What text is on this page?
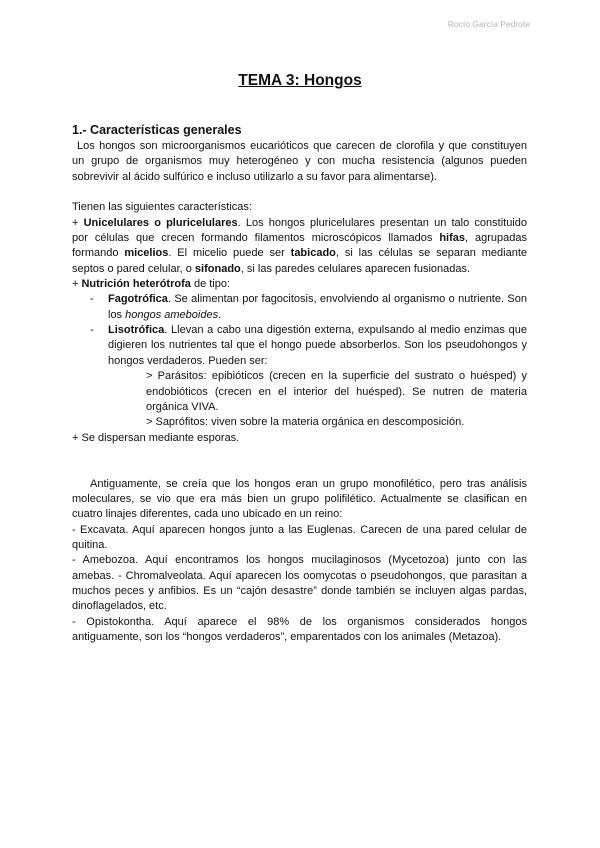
Rocío García Pedrote
TEMA 3: Hongos
1.- Características generales
Los hongos son microorganismos eucarióticos que carecen de clorofila y que constituyen
un grupo de organismos muy heterogéneo y con mucha resistencia (algunos pueden
sobrevivir al ácido sulfúrico e incluso utilizarlo a su favor para alimentarse).
Tienen las siguientes características:
+ Unicelulares o pluricelulares. Los hongos pluricelulares presentan un talo constituido
por células que crecen formando filamentos microscópicos llamados hifas, agrupadas
formando micelios. El micelio puede ser tabicado, si las células se separan mediante
septos o pared celular, o sifonado, si las paredes celulares aparecen fusionadas.
+ Nutrición heterótrofa de tipo:
- Fagotrófica. Se alimentan por fagocitosis, envolviendo al organismo o nutriente. Son
los hongos ameboides.
- Lisotrófica. Llevan a cabo una digestión externa, expulsando al medio enzimas que
digieren los nutrientes tal que el hongo puede absorberlos. Son los pseudohongos y
hongos verdaderos. Pueden ser:
> Parásitos: epibióticos (crecen en la superficie del sustrato o huésped) y
endobióticos (crecen en el interior del huésped). Se nutren de materia
orgánica VIVA.
> Saprófitos: viven sobre la materia orgánica en descomposición.
+ Se dispersan mediante esporas.
Antiguamente, se creía que los hongos eran un grupo monofilético, pero tras análisis
moleculares, se vio que era más bien un grupo polifilético. Actualmente se clasifican en
cuatro linajes diferentes, cada uno ubicado en un reino:
- Excavata. Aquí aparecen hongos junto a las Euglenas. Carecen de una pared celular de
quitina.
- Amebozoa. Aquí encontramos los hongos mucilaginosos (Mycetozoa) junto con las
amebas. - Chromalveolata. Aquí aparecen los oomycotas o pseudohongos, que parasitan a
muchos peces y anfibios. Es un “cajón desastre” donde también se incluyen algas pardas,
dinoflagelados, etc.
- Opistokontha. Aquí aparece el 98% de los organismos considerados hongos
antiguamente, son los “hongos verdaderos”, emparentados con los animales (Metazoa).
